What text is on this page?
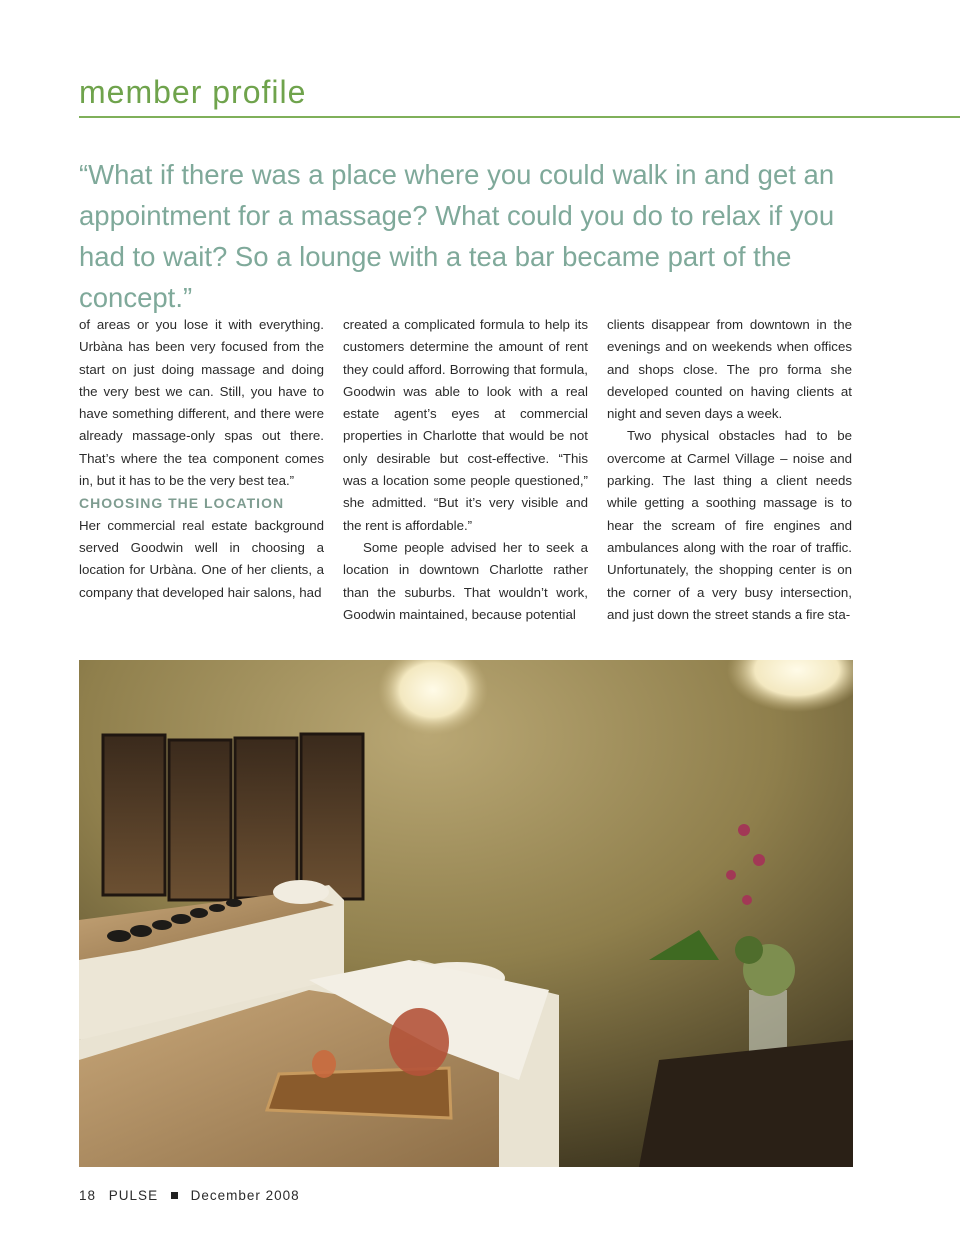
member profile
“What if there was a place where you could walk in and get an appointment for a massage? What could you do to relax if you had to wait? So a lounge with a tea bar became part of the concept.”

of areas or you lose it with everything. Urbàna has been very focused from the start on just doing massage and doing the very best we can. Still, you have to have something different, and there were already massage-only spas out there. That’s where the tea component comes in, but it has to be the very best tea.”

CHOOSING THE LOCATION

Her commercial real estate background served Goodwin well in choosing a location for Urbàna. One of her clients, a company that developed hair salons, had

created a complicated formula to help its customers determine the amount of rent they could afford. Borrowing that formula, Goodwin was able to look with a real estate agent’s eyes at commercial properties in Charlotte that would be not only desirable but cost-effective. “This was a location some people questioned,” she admitted. “But it’s very visible and the rent is affordable.”

Some people advised her to seek a location in downtown Charlotte rather than the suburbs. That wouldn’t work, Goodwin maintained, because potential

clients disappear from downtown in the evenings and on weekends when offices and shops close. The pro forma she developed counted on having clients at night and seven days a week.

Two physical obstacles had to be overcome at Carmel Village – noise and parking. The last thing a client needs while getting a soothing massage is to hear the scream of fire engines and ambulances along with the roar of traffic. Unfortunately, the shopping center is on the corner of a very busy intersection, and just down the street stands a fire sta-

18 PULSE December 2008
